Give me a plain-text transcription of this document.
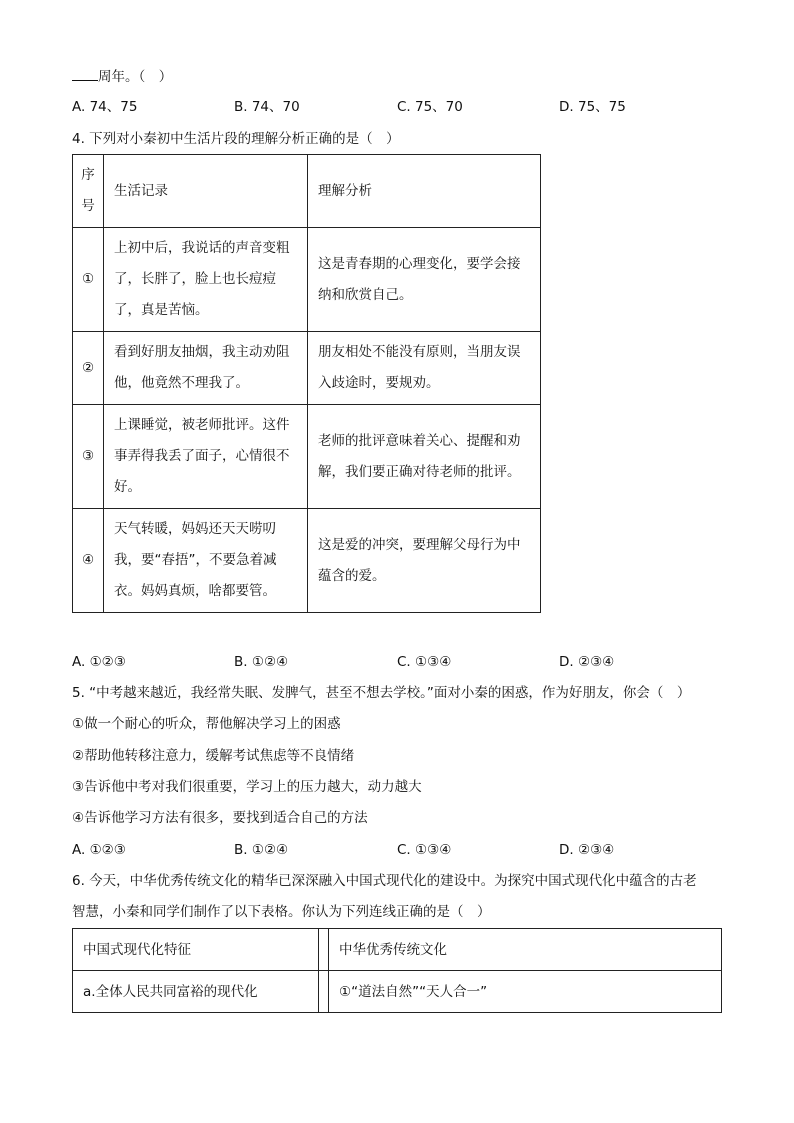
周年。（　）
A. 74、75	B. 74、70	C. 75、70	D. 75、75
4. 下列对小秦初中生活片段的理解分析正确的是（　）
序号	生活记录	理解分析
①	上初中后，我说话的声音变粗了，长胖了，脸上也长痘痘了，真是苦恼。	这是青春期的心理变化，要学会接纳和欣赏自己。
②	看到好朋友抽烟，我主动劝阻他，他竟然不理我了。	朋友相处不能没有原则，当朋友误入歧途时，要规劝。
③	上课睡觉，被老师批评。这件事弄得我丢了面子，心情很不好。	老师的批评意味着关心、提醒和劝解，我们要正确对待老师的批评。
④	天气转暖，妈妈还天天唠叨我，要“春捂”，不要急着减衣。妈妈真烦，啥都要管。	这是爱的冲突，要理解父母行为中蕴含的爱。
A. ①②③	B. ①②④	C. ①③④	D. ②③④
5. “中考越来越近，我经常失眠、发脾气，甚至不想去学校。”面对小秦的困惑，作为好朋友，你会（　）
①做一个耐心的听众，帮他解决学习上的困惑
②帮助他转移注意力，缓解考试焦虑等不良情绪
③告诉他中考对我们很重要，学习上的压力越大，动力越大
④告诉他学习方法有很多，要找到适合自己的方法
A. ①②③	B. ①②④	C. ①③④	D. ②③④
6. 今天，中华优秀传统文化的精华已深深融入中国式现代化的建设中。为探究中国式现代化中蕴含的古老
智慧，小秦和同学们制作了以下表格。你认为下列连线正确的是（　）
中国式现代化特征		中华优秀传统文化
a.全体人民共同富裕的现代化		①“道法自然”“天人合一”
